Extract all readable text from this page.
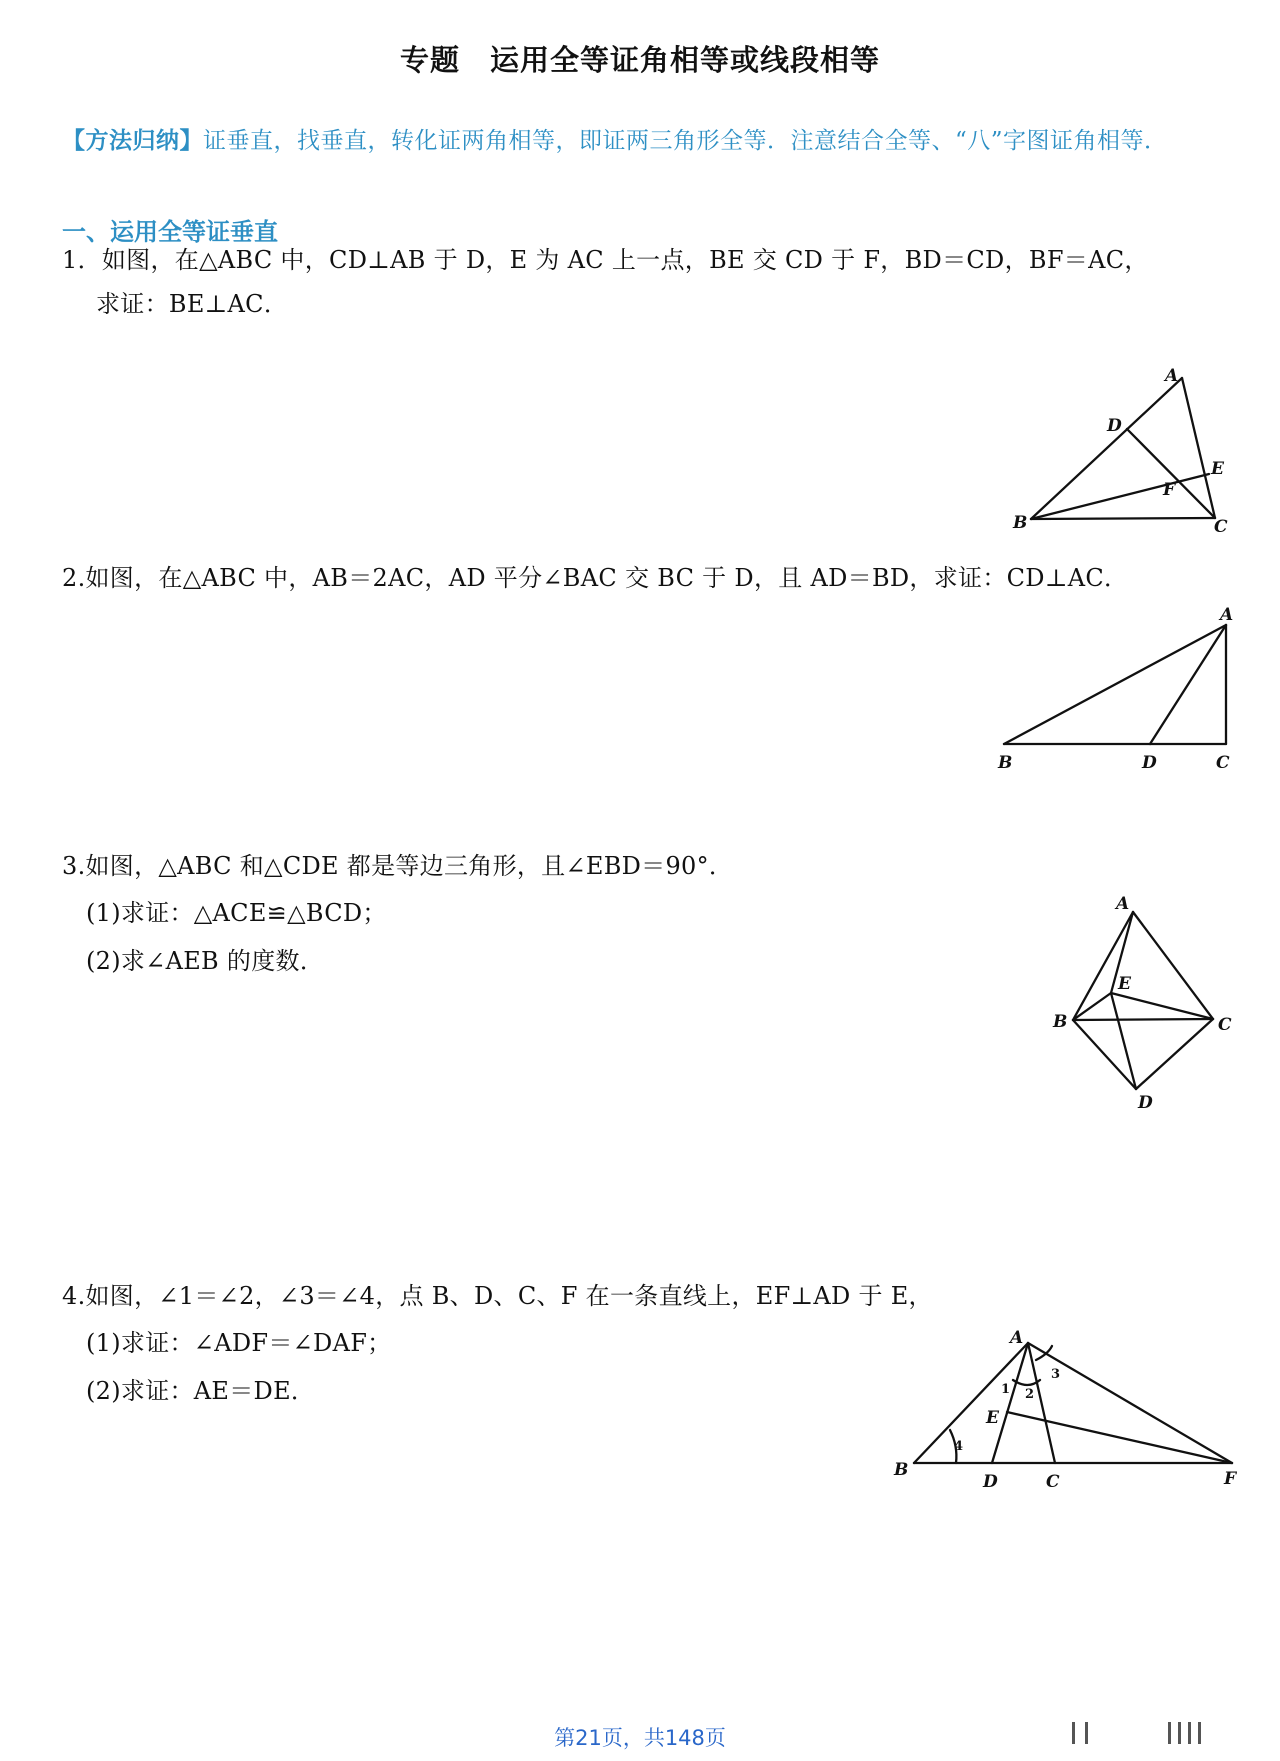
专题 运用全等证角相等或线段相等
【方法归纳】证垂直，找垂直，转化证两角相等，即证两三角形全等．注意结合全等、“八”字图证角相等．
一、运用全等证垂直
1．如图，在△ABC 中，CD⊥AB 于 D，E 为 AC 上一点，BE 交 CD 于 F，BD＝CD，BF＝AC，
求证：BE⊥AC．
A
B	C
D
E
F
2.如图，在△ABC 中，AB＝2AC，AD 平分∠BAC 交 BC 于 D，且 AD＝BD，求证：CD⊥AC．
A
B	C
D
3.如图，△ABC 和△CDE 都是等边三角形，且∠EBD＝90°．
(1)求证：△ACE≌△BCD；
(2)求∠AEB 的度数．
A
B	C
D
E
4.如图，∠1＝∠2，∠3＝∠4，点 B、D、C、F 在一条直线上，EF⊥AD 于 E，
(1)求证：∠ADF＝∠DAF；
(2)求证：AE＝DE．
A
B
C
D
E
F
1 2
3
4
第21页，共148页
